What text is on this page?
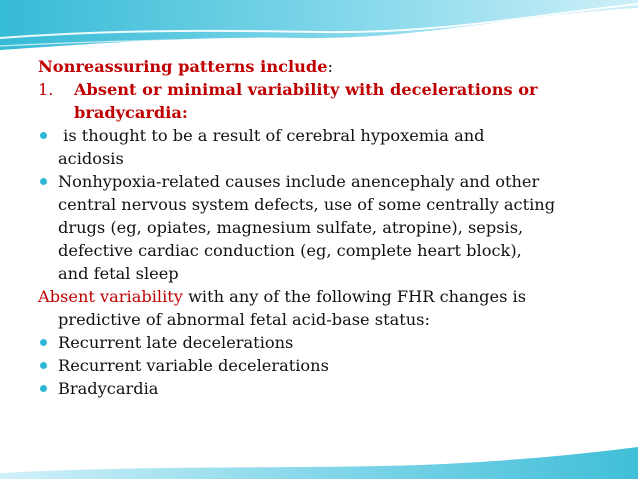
Nonreassuring patterns include:
1.	Absent or minimal variability with decelerations or
bradycardia:
is thought to be a result of cerebral hypoxemia and
acidosis
Nonhypoxia-related causes include anencephaly and other
central nervous system defects, use of some centrally acting
drugs (eg, opiates, magnesium sulfate, atropine), sepsis,
defective cardiac conduction (eg, complete heart block),
and fetal sleep
Absent variability with any of the following FHR changes is
predictive of abnormal fetal acid-base status:
Recurrent late decelerations
Recurrent variable decelerations
Bradycardia
